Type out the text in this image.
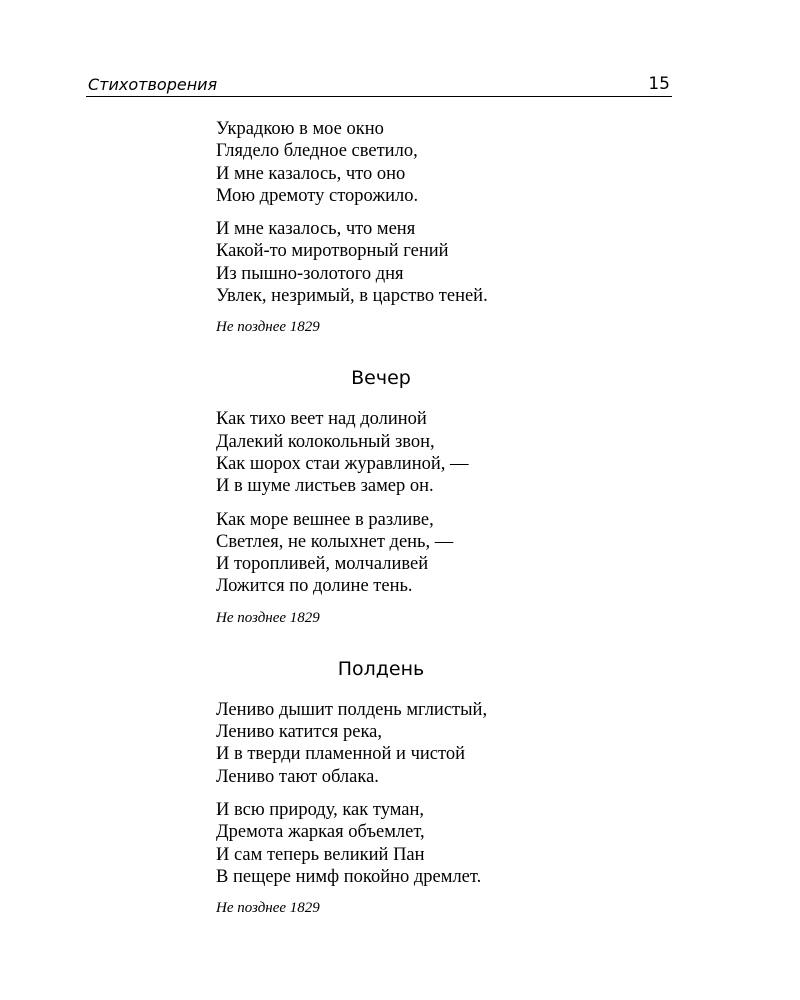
Стихотворения	15
Украдкою в мое окно
Глядело бледное светило,
И мне казалось, что оно
Мою дремоту сторожило.
И мне казалось, что меня
Какой-то миротворный гений
Из пышно-золотого дня
Увлек, незримый, в царство теней.
Не позднее 1829
Вечер
Как тихо веет над долиной
Далекий колокольный звон,
Как шорох стаи журавлиной, —
И в шуме листьев замер он.
Как море вешнее в разливе,
Светлея, не колыхнет день, —
И торопливей, молчаливей
Ложится по долине тень.
Не позднее 1829
Полдень
Лениво дышит полдень мглистый,
Лениво катится река,
И в тверди пламенной и чистой
Лениво тают облака.
И всю природу, как туман,
Дремота жаркая объемлет,
И сам теперь великий Пан
В пещере нимф покойно дремлет.
Не позднее 1829
